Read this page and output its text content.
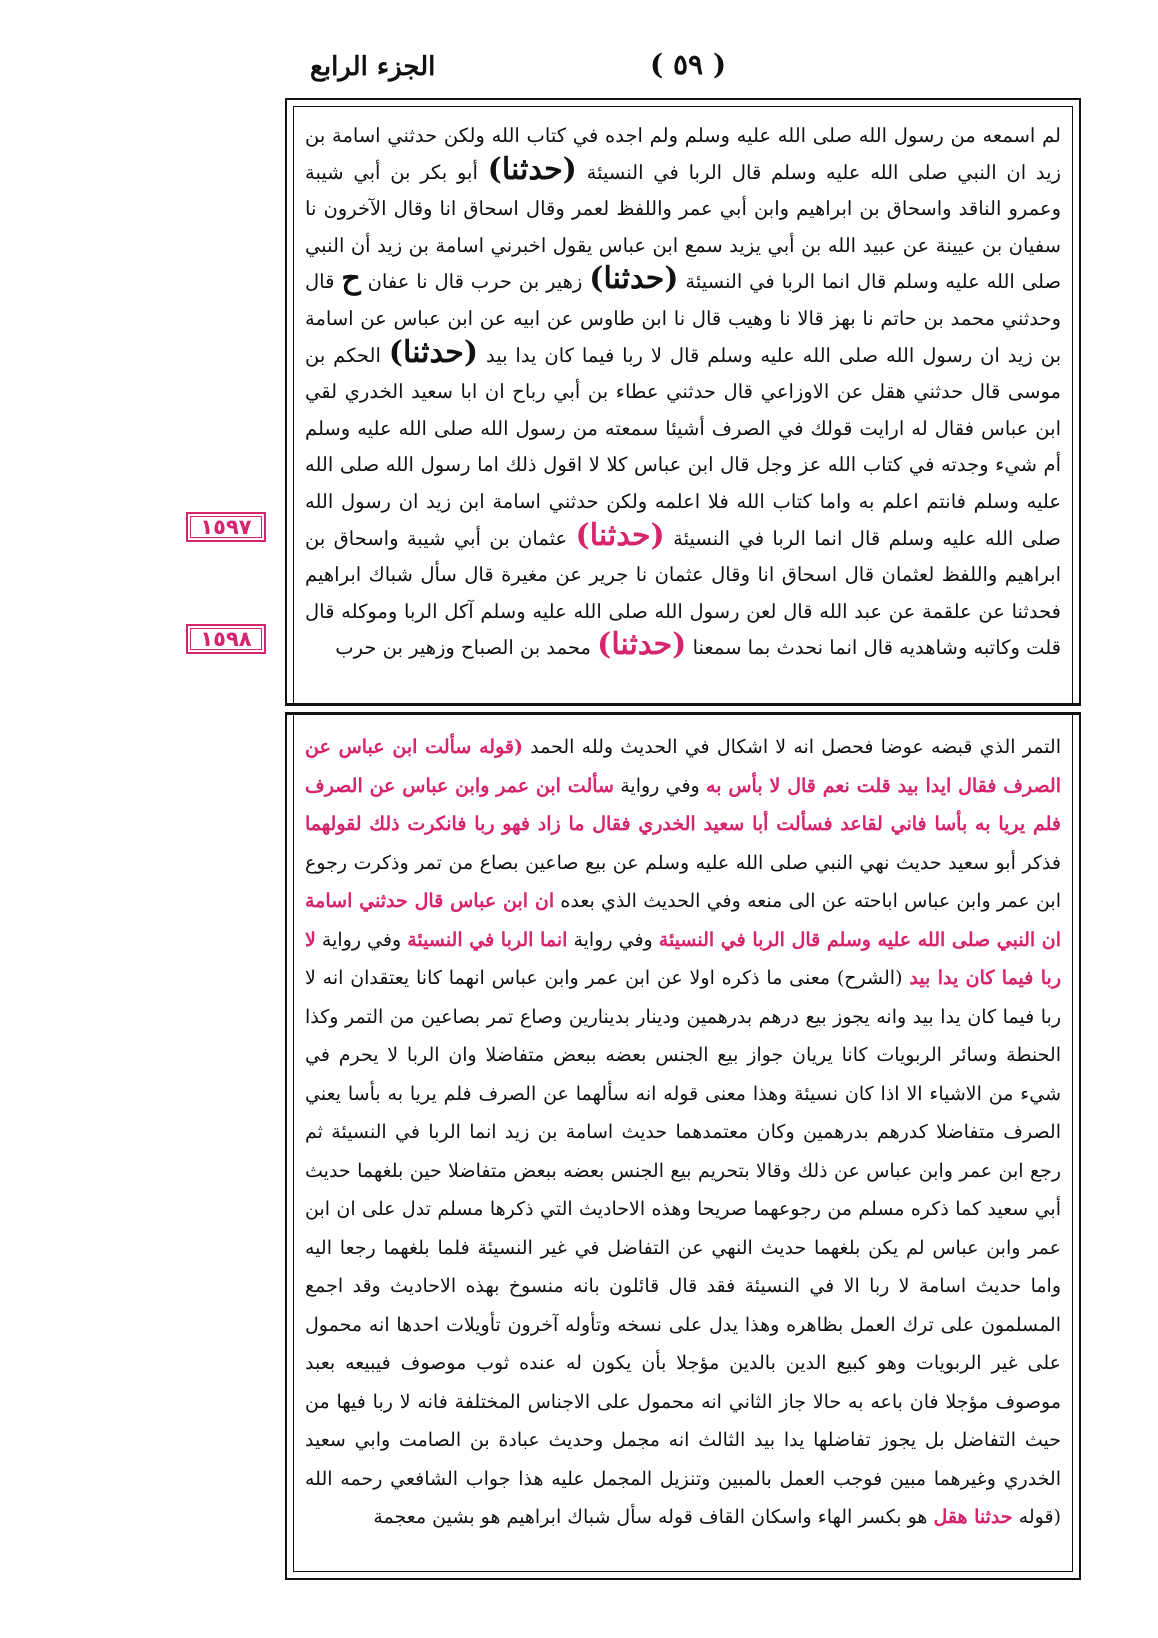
الجزء الرابع	( ٥٩ )
١٥٩٧
١٥٩٨
لم اسمعه من رسول الله صلى الله عليه وسلم ولم اجده في كتاب الله ولكن حدثني اسامة بن زيد ان النبي صلى الله عليه وسلم قال الربا في النسيئة (حدثنا) أبو بكر بن أبي شيبة وعمرو الناقد واسحاق بن ابراهيم وابن أبي عمر واللفظ لعمر وقال اسحاق انا وقال الآخرون نا سفيان بن عيينة عن عبيد الله بن أبي يزيد سمع ابن عباس يقول اخبرني اسامة بن زيد أن النبي صلى الله عليه وسلم قال انما الربا في النسيئة (حدثنا) زهير بن حرب قال نا عفان ح قال وحدثني محمد بن حاتم نا بهز قالا نا وهيب قال نا ابن طاوس عن ابيه عن ابن عباس عن اسامة بن زيد ان رسول الله صلى الله عليه وسلم قال لا ربا فيما كان يدا بيد (حدثنا) الحكم بن موسى قال حدثني هقل عن الاوزاعي قال حدثني عطاء بن أبي رباح ان ابا سعيد الخدري لقي ابن عباس فقال له ارايت قولك في الصرف أشيئا سمعته من رسول الله صلى الله عليه وسلم أم شيء وجدته في كتاب الله عز وجل قال ابن عباس كلا لا اقول ذلك اما رسول الله صلى الله عليه وسلم فانتم اعلم به واما كتاب الله فلا اعلمه ولكن حدثني اسامة ابن زيد ان رسول الله صلى الله عليه وسلم قال انما الربا في النسيئة (حدثنا) عثمان بن أبي شيبة واسحاق بن ابراهيم واللفظ لعثمان قال اسحاق انا وقال عثمان نا جرير عن مغيرة قال سأل شباك ابراهيم فحدثنا عن علقمة عن عبد الله قال لعن رسول الله صلى الله عليه وسلم آكل الربا وموكله قال قلت وكاتبه وشاهديه قال انما نحدث بما سمعنا (حدثنا) محمد بن الصباح وزهير بن حرب
التمر الذي قبضه عوضا فحصل انه لا اشكال في الحديث ولله الحمد (قوله سألت ابن عباس عن الصرف فقال ايدا بيد قلت نعم قال لا بأس به وفي رواية سألت ابن عمر وابن عباس عن الصرف فلم يريا به بأسا فاني لقاعد فسألت أبا سعيد الخدري فقال ما زاد فهو ربا فانكرت ذلك لقولهما فذكر أبو سعيد حديث نهي النبي صلى الله عليه وسلم عن بيع صاعين بصاع من تمر وذكرت رجوع ابن عمر وابن عباس اباحته عن الى منعه وفي الحديث الذي بعده ان ابن عباس قال حدثني اسامة ان النبي صلى الله عليه وسلم قال الربا في النسيئة وفي رواية انما الربا في النسيئة وفي رواية لا ربا فيما كان يدا بيد (الشرح) معنى ما ذكره اولا عن ابن عمر وابن عباس انهما كانا يعتقدان انه لا ربا فيما كان يدا بيد وانه يجوز بيع درهم بدرهمين ودينار بدينارين وصاع تمر بصاعين من التمر وكذا الحنطة وسائر الربويات كانا يريان جواز بيع الجنس بعضه ببعض متفاضلا وان الربا لا يحرم في شيء من الاشياء الا اذا كان نسيئة وهذا معنى قوله انه سألهما عن الصرف فلم يريا به بأسا يعني الصرف متفاضلا كدرهم بدرهمين وكان معتمدهما حديث اسامة بن زيد انما الربا في النسيئة ثم رجع ابن عمر وابن عباس عن ذلك وقالا بتحريم بيع الجنس بعضه ببعض متفاضلا حين بلغهما حديث أبي سعيد كما ذكره مسلم من رجوعهما صريحا وهذه الاحاديث التي ذكرها مسلم تدل على ان ابن عمر وابن عباس لم يكن بلغهما حديث النهي عن التفاضل في غير النسيئة فلما بلغهما رجعا اليه واما حديث اسامة لا ربا الا في النسيئة فقد قال قائلون بانه منسوخ بهذه الاحاديث وقد اجمع المسلمون على ترك العمل بظاهره وهذا يدل على نسخه وتأوله آخرون تأويلات احدها انه محمول على غير الربويات وهو كبيع الدين بالدين مؤجلا بأن يكون له عنده ثوب موصوف فيبيعه بعبد موصوف مؤجلا فان باعه به حالا جاز الثاني انه محمول على الاجناس المختلفة فانه لا ربا فيها من حيث التفاضل بل يجوز تفاضلها يدا بيد الثالث انه مجمل وحديث عبادة بن الصامت وابي سعيد الخدري وغيرهما مبين فوجب العمل بالمبين وتنزيل المجمل عليه هذا جواب الشافعي رحمه الله (قوله حدثنا هقل هو بكسر الهاء واسكان القاف قوله سأل شباك ابراهيم هو بشين معجمة
